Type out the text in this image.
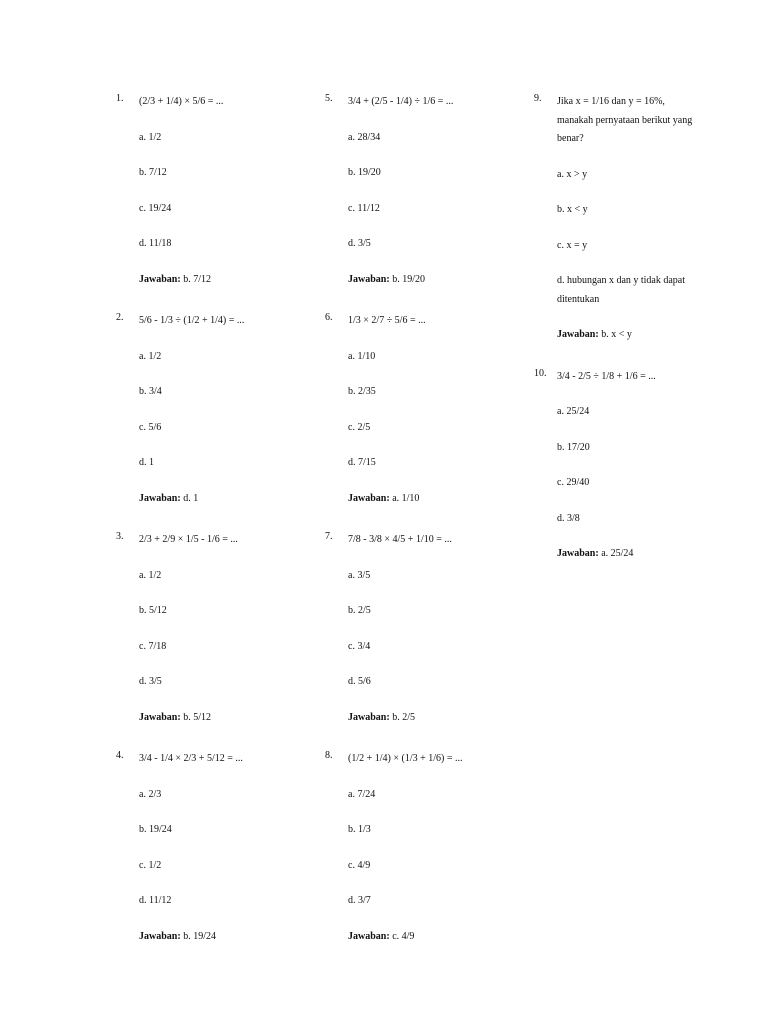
1. (2/3 + 1/4) × 5/6 = ...

a. 1/2
b. 7/12
c. 19/24
d. 11/18
Jawaban: b. 7/12
2. 5/6 - 1/3 ÷ (1/2 + 1/4) = ...

a. 1/2
b. 3/4
c. 5/6
d. 1
Jawaban: d. 1
3. 2/3 + 2/9 × 1/5 - 1/6 = ...

a. 1/2
b. 5/12
c. 7/18
d. 3/5
Jawaban: b. 5/12
4. 3/4 - 1/4 × 2/3 + 5/12 = ...

a. 2/3
b. 19/24
c. 1/2
d. 11/12
Jawaban: b. 19/24
5. 3/4 + (2/5 - 1/4) ÷ 1/6 = ...

a. 28/34
b. 19/20
c. 11/12
d. 3/5
Jawaban: b. 19/20
6. 1/3 × 2/7 ÷ 5/6 = ...

a. 1/10
b. 2/35
c. 2/5
d. 7/15
Jawaban: a. 1/10
7. 7/8 - 3/8 × 4/5 + 1/10 = ...

a. 3/5
b. 2/5
c. 3/4
d. 5/6
Jawaban: b. 2/5
8. (1/2 + 1/4) × (1/3 + 1/6) = ...

a. 7/24
b. 1/3
c. 4/9
d. 3/7
Jawaban: c. 4/9
9. Jika x = 1/16 dan y = 16%, manakah pernyataan berikut yang benar?

a. x > y
b. x < y
c. x = y
d. hubungan x dan y tidak dapat ditentukan
Jawaban: b. x < y
10. 3/4 - 2/5 ÷ 1/8 + 1/6 = ...

a. 25/24
b. 17/20
c. 29/40
d. 3/8
Jawaban: a. 25/24
